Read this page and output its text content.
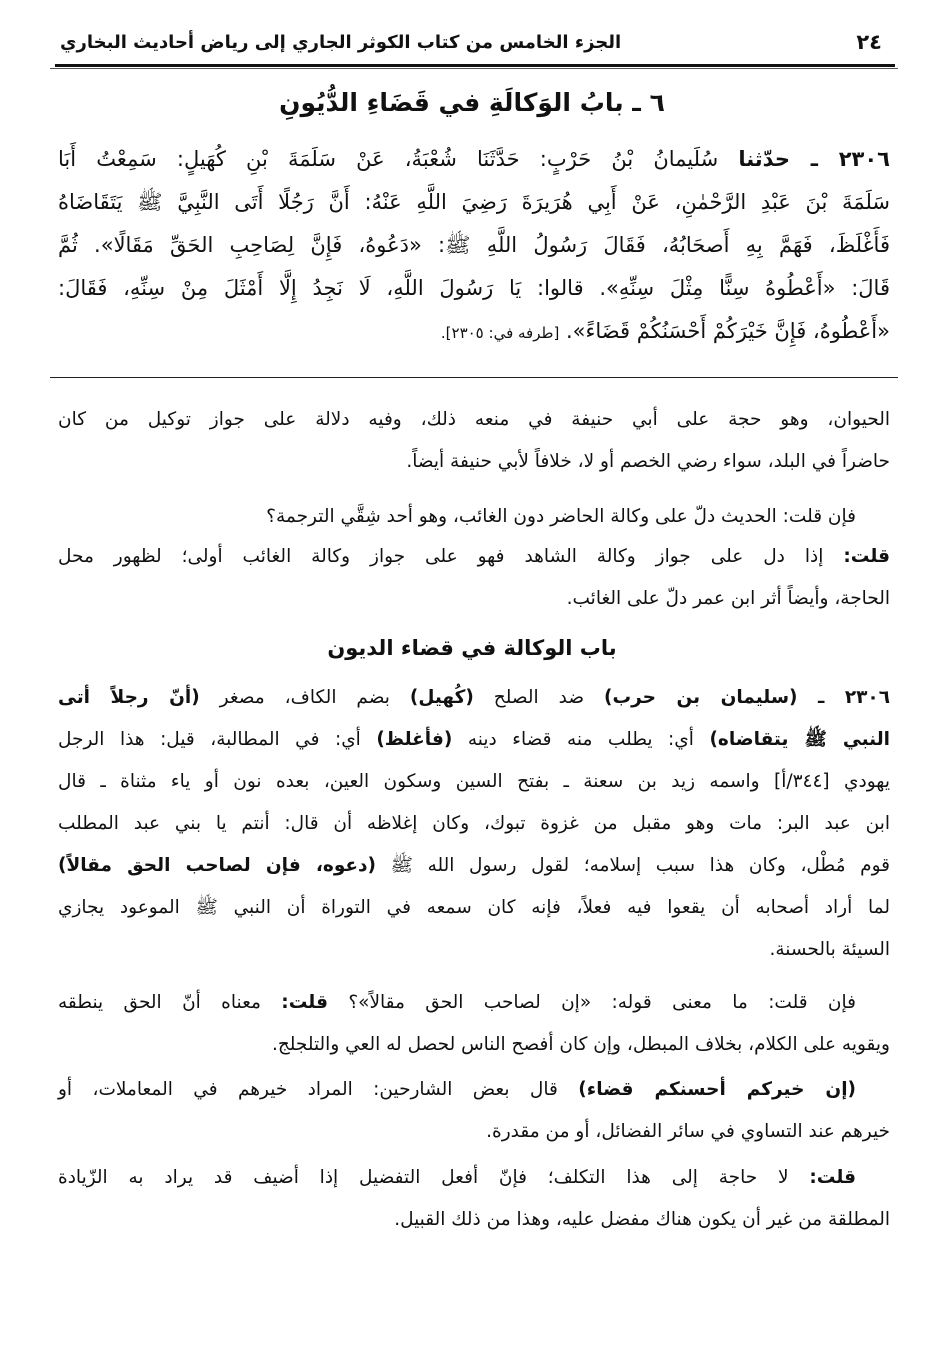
٢٤
الجزء الخامس من كتاب الكوثر الجاري إلى رياض أحاديث البخاري
٦ ـ بابُ الوَكالَةِ في قَضَاءِ الدُّيُونِ
٢٣٠٦ ـ حدّثنا سُلَيمانُ بْنُ حَرْبٍ: حَدَّثَنَا شُعْبَةُ، عَنْ سَلَمَةَ بْنِ كُهَيلٍ: سَمِعْتُ أَبَا
سَلَمَةَ بْنَ عَبْدِ الرَّحْمٰنِ، عَنْ أَبِي هُرَيرَةَ رَضِيَ اللَّهِ عَنْهُ: أَنَّ رَجُلًا أَتَى النَّبِيَّ ﷺ يَتَقَاضَاهُ
فَأَغْلَظَ، فَهَمَّ بِهِ أَصحَابُهُ، فَقَالَ رَسُولُ اللَّهِ ﷺ: «دَعُوهُ، فَإِنَّ لِصَاحِبِ الحَقِّ مَقَالًا». ثُمَّ
قَالَ: «أَعْطُوهُ سِنًّا مِثْلَ سِنِّهِ». قالوا: يَا رَسُولَ اللَّهِ، لَا نَجِدُ إِلَّا أَمْثَلَ مِنْ سِنِّهِ، فَقَالَ:
«أَعْطُوهُ، فَإِنَّ خَيْرَكُمْ أَحْسَنُكُمْ قَضَاءً». [طرفه في: ٢٣٠٥].
الحيوان، وهو حجة على أبي حنيفة في منعه ذلك، وفيه دلالة على جواز توكيل من كان
حاضراً في البلد، سواء رضي الخصم أو لا، خلافاً لأبي حنيفة أيضاً.
فإن قلت: الحديث دلّ على وكالة الحاضر دون الغائب، وهو أحد شِقَّي الترجمة؟
قلت: إذا دل على جواز وكالة الشاهد فهو على جواز وكالة الغائب أولى؛ لظهور محل
الحاجة، وأيضاً أثر ابن عمر دلّ على الغائب.
باب الوكالة في قضاء الديون
٢٣٠٦ ـ (سليمان بن حرب) ضد الصلح (كُهيل) بضم الكاف، مصغر (أنّ رجلاً أتى
النبي ﷺ يتقاضاه) أي: يطلب منه قضاء دينه (فأغلظ) أي: في المطالبة، قيل: هذا الرجل
يهودي [٣٤٤/أ] واسمه زيد بن سعنة ـ بفتح السين وسكون العين، بعده نون أو ياء مثناة ـ قال
ابن عبد البر: مات وهو مقبل من غزوة تبوك، وكان إغلاظه أن قال: أنتم يا بني عبد المطلب
قوم مُطْل، وكان هذا سبب إسلامه؛ لقول رسول الله ﷺ (دعوه، فإن لصاحب الحق مقالاً)
لما أراد أصحابه أن يقعوا فيه فعلاً، فإنه كان سمعه في التوراة أن النبي ﷺ الموعود يجازي
السيئة بالحسنة.
فإن قلت: ما معنى قوله: «إن لصاحب الحق مقالاً»؟ قلت: معناه أنّ الحق ينطقه
ويقويه على الكلام، بخلاف المبطل، وإن كان أفصح الناس لحصل له العي والتلجلج.
(إن خيركم أحسنكم قضاء) قال بعض الشارحين: المراد خيرهم في المعاملات، أو
خيرهم عند التساوي في سائر الفضائل، أو من مقدرة.
قلت: لا حاجة إلى هذا التكلف؛ فإنّ أفعل التفضيل إذا أضيف قد يراد به الزّيادة
المطلقة من غير أن يكون هناك مفضل عليه، وهذا من ذلك القبيل.
